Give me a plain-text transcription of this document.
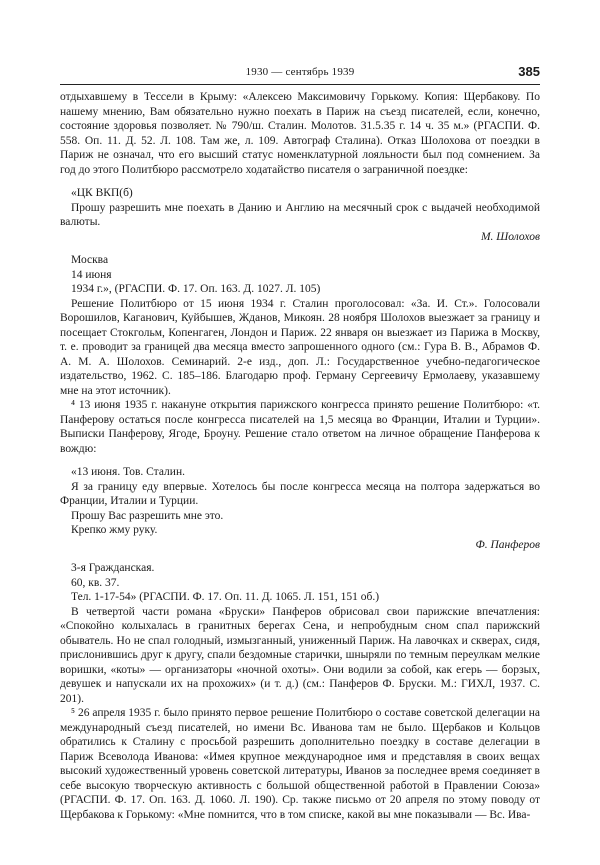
1930 — сентябрь 1939	385

отдыхавшему в Тессели в Крыму: «Алексею Максимовичу Горькому. Копия: Щербакову. По нашему мнению, Вам обязательно нужно поехать в Париж на съезд писателей, если, конечно, состояние здоровья позволяет. № 790/ш. Сталин. Молотов. 31.5.35 г. 14 ч. 35 м.» (РГАСПИ. Ф. 558. Оп. 11. Д. 52. Л. 108. Там же, л. 109. Автограф Сталина). Отказ Шолохова от поездки в Париж не означал, что его высший статус номенклатурной лояльности был под сомнением. За год до этого Политбюро рассмотрело ходатайство писателя о заграничной поездке:

«ЦК ВКП(б)

Прошу разрешить мне поехать в Данию и Англию на месячный срок с выдачей необходимой валюты.

М. Шолохов

Москва

14 июня

1934 г.», (РГАСПИ. Ф. 17. Оп. 163. Д. 1027. Л. 105)

Решение Политбюро от 15 июня 1934 г. Сталин проголосовал: «За. И. Ст.». Голосовали Ворошилов, Каганович, Куйбышев, Жданов, Микоян. 28 ноября Шолохов выезжает за границу и посещает Стокгольм, Копенгаген, Лондон и Париж. 22 января он выезжает из Парижа в Москву, т. е. проводит за границей два месяца вместо запрошенного одного (см.: Гура В. В., Абрамов Ф. А. М. А. Шолохов. Семинарий. 2-е изд., доп. Л.: Государственное учебно-педагогическое издательство, 1962. С. 185–186. Благодарю проф. Герману Сергеевичу Ермолаеву, указавшему мне на этот источник).

⁴ 13 июня 1935 г. накануне открытия парижского конгресса принято решение Политбюро: «т. Панферову остаться после конгресса писателей на 1,5 месяца во Франции, Италии и Турции». Выписки Панферову, Ягоде, Броуну. Решение стало ответом на личное обращение Панферова к вождю:

«13 июня. Тов. Сталин.

Я за границу еду впервые. Хотелось бы после конгресса месяца на полтора задержаться во Франции, Италии и Турции.

Прошу Вас разрешить мне это.

Крепко жму руку.

Ф. Панферов

3-я Гражданская.

60, кв. 37.

Тел. 1-17-54» (РГАСПИ. Ф. 17. Оп. 11. Д. 1065. Л. 151, 151 об.)

В четвертой части романа «Бруски» Панферов обрисовал свои парижские впечатления: «Спокойно колыхалась в гранитных берегах Сена, и непробудным сном спал парижский обыватель. Но не спал голодный, измызганный, униженный Париж. На лавочках и скверах, сидя, прислонившись друг к другу, спали бездомные старички, шныряли по темным переулкам мелкие воришки, «коты» — организаторы «ночной охоты». Они водили за собой, как егерь — борзых, девушек и напускали их на прохожих» (и т. д.) (см.: Панферов Ф. Бруски. М.: ГИХЛ, 1937. С. 201).

⁵ 26 апреля 1935 г. было принято первое решение Политбюро о составе советской делегации на международный съезд писателей, но имени Вс. Иванова там не было. Щербаков и Кольцов обратились к Сталину с просьбой разрешить дополнительно поездку в составе делегации в Париж Всеволода Иванова: «Имея крупное международное имя и представляя в своих вещах высокий художественный уровень советской литературы, Иванов за последнее время соединяет в себе высокую творческую активность с большой общественной работой в Правлении Союза» (РГАСПИ. Ф. 17. Оп. 163. Д. 1060. Л. 190). Ср. также письмо от 20 апреля по этому поводу от Щербакова к Горькому: «Мне помнится, что в том списке, какой вы мне показывали — Вс. Ива-
